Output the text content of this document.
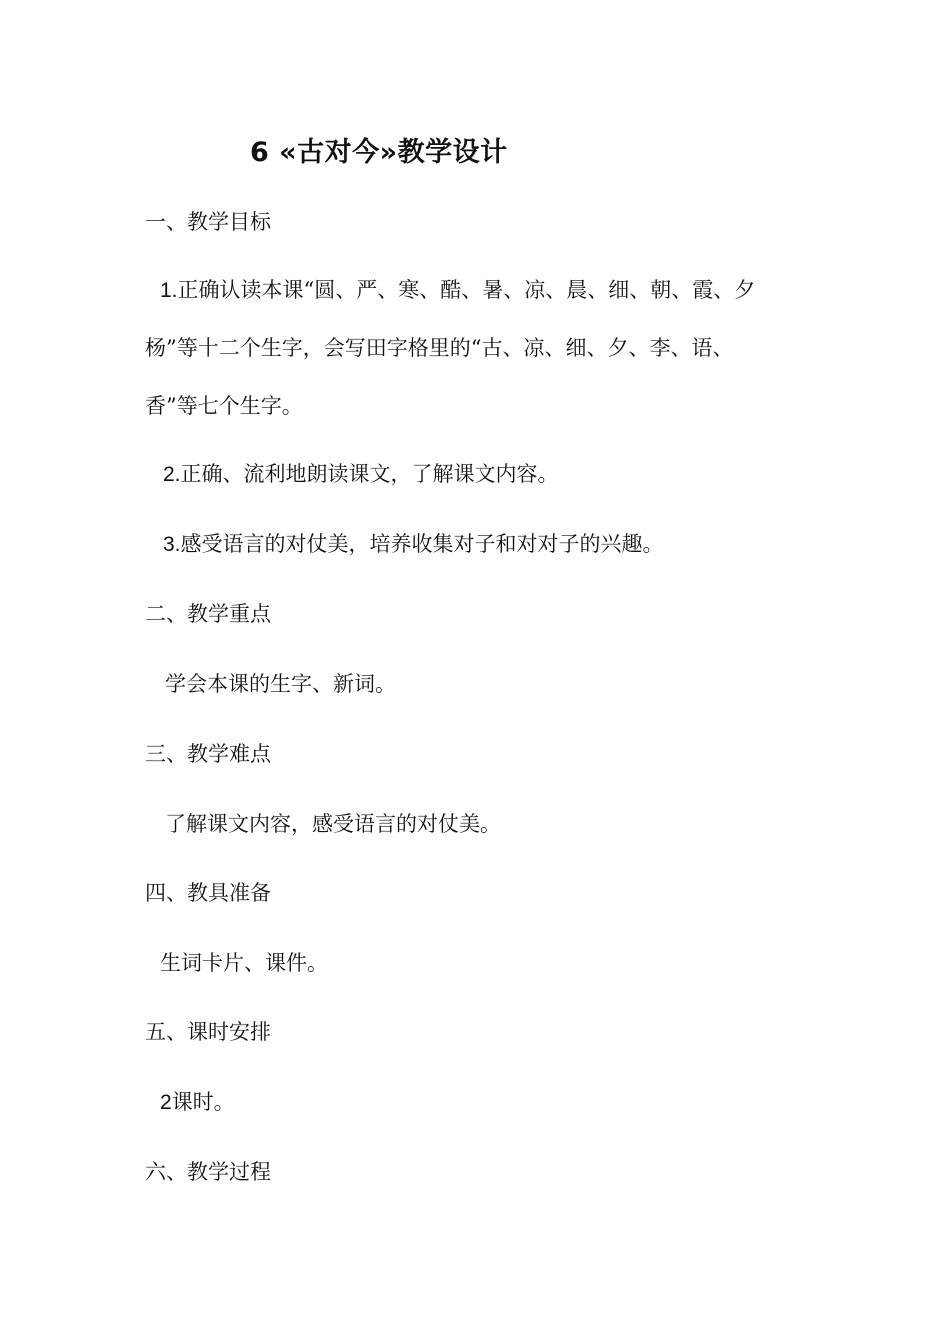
6 «古对今»教学设计
一、教学目标
1.正确认读本课“圆、严、寒、酷、暑、凉、晨、细、朝、霞、夕
杨”等十二个生字，会写田字格里的“古、凉、细、夕、李、语、
香”等七个生字。
2.正确、流利地朗读课文，了解课文内容。
3.感受语言的对仗美，培养收集对子和对对子的兴趣。
二、教学重点
学会本课的生字、新词。
三、教学难点
了解课文内容，感受语言的对仗美。
四、教具准备
生词卡片、课件。
五、课时安排
2课时。
六、教学过程
